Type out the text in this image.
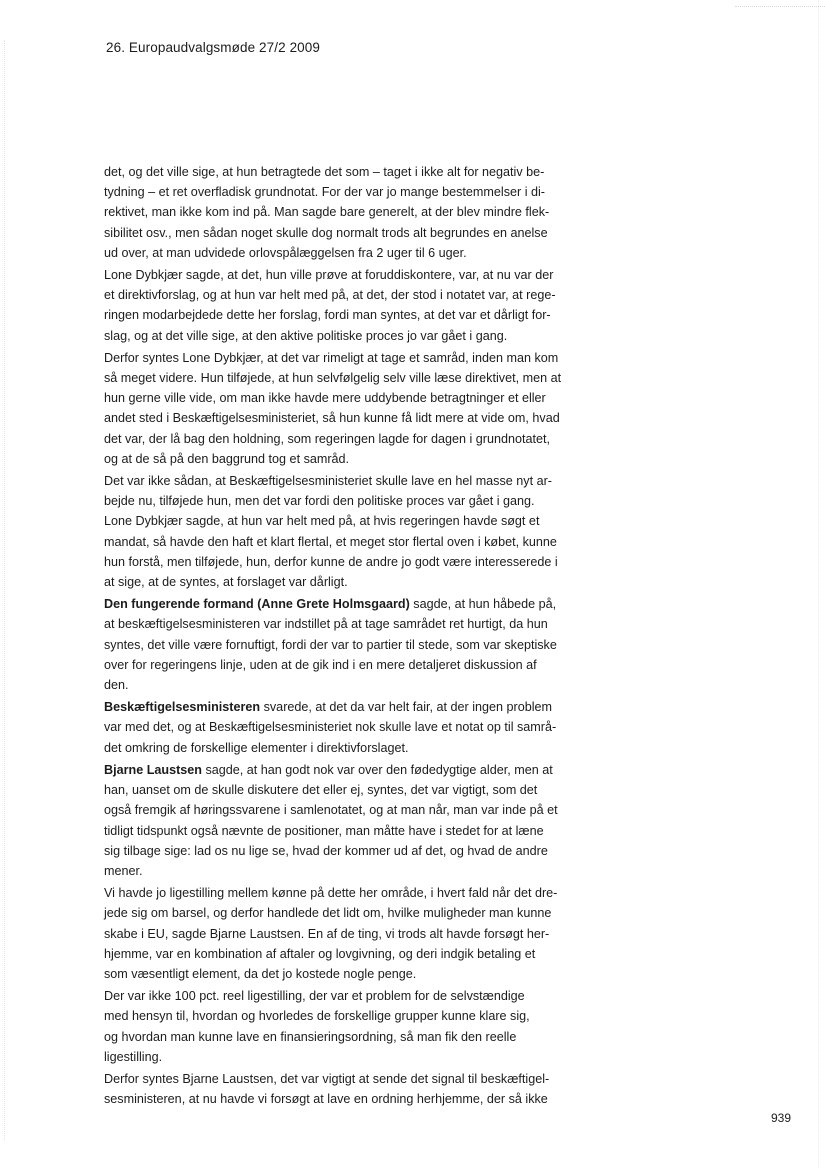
26. Europaudvalgsmøde 27/2 2009
det, og det ville sige, at hun betragtede det som – taget i ikke alt for negativ be-
tydning – et ret overfladisk grundnotat. For der var jo mange bestemmelser i di-
rektivet, man ikke kom ind på. Man sagde bare generelt, at der blev mindre flek-
sibilitet osv., men sådan noget skulle dog normalt trods alt begrundes en anelse
ud over, at man udvidede orlovspålæggelsen fra 2 uger til 6 uger.
Lone Dybkjær sagde, at det, hun ville prøve at foruddiskontere, var, at nu var der
et direktivforslag, og at hun var helt med på, at det, der stod i notatet var, at rege-
ringen modarbejdede dette her forslag, fordi man syntes, at det var et dårligt for-
slag, og at det ville sige, at den aktive politiske proces jo var gået i gang.
Derfor syntes Lone Dybkjær, at det var rimeligt at tage et samråd, inden man kom
så meget videre. Hun tilføjede, at hun selvfølgelig selv ville læse direktivet, men at
hun gerne ville vide, om man ikke havde mere uddybende betragtninger et eller
andet sted i Beskæftigelsesministeriet, så hun kunne få lidt mere at vide om, hvad
det var, der lå bag den holdning, som regeringen lagde for dagen i grundnotatet,
og at de så på den baggrund tog et samråd.
Det var ikke sådan, at Beskæftigelsesministeriet skulle lave en hel masse nyt ar-
bejde nu, tilføjede hun, men det var fordi den politiske proces var gået i gang.
Lone Dybkjær sagde, at hun var helt med på, at hvis regeringen havde søgt et
mandat, så havde den haft et klart flertal, et meget stor flertal oven i købet, kunne
hun forstå, men tilføjede, hun, derfor kunne de andre jo godt være interesserede i
at sige, at de syntes, at forslaget var dårligt.
Den fungerende formand (Anne Grete Holmsgaard) sagde, at hun håbede på,
at beskæftigelsesministeren var indstillet på at tage samrådet ret hurtigt, da hun
syntes, det ville være fornuftigt, fordi der var to partier til stede, som var skeptiske
over for regeringens linje, uden at de gik ind i en mere detaljeret diskussion af
den.
Beskæftigelsesministeren svarede, at det da var helt fair, at der ingen problem
var med det, og at Beskæftigelsesministeriet nok skulle lave et notat op til samrå-
det omkring de forskellige elementer i direktivforslaget.
Bjarne Laustsen sagde, at han godt nok var over den fødedygtige alder, men at
han, uanset om de skulle diskutere det eller ej, syntes, det var vigtigt, som det
også fremgik af høringssvarene i samlenotatet, og at man når, man var inde på et
tidligt tidspunkt også nævnte de positioner, man måtte have i stedet for at læne
sig tilbage sige: lad os nu lige se, hvad der kommer ud af det, og hvad de andre
mener.
Vi havde jo ligestilling mellem kønne på dette her område, i hvert fald når det dre-
jede sig om barsel, og derfor handlede det lidt om, hvilke muligheder man kunne
skabe i EU, sagde Bjarne Laustsen. En af de ting, vi trods alt havde forsøgt her-
hjemme, var en kombination af aftaler og lovgivning, og deri indgik betaling et
som væsentligt element, da det jo kostede nogle penge.
Der var ikke 100 pct. reel ligestilling, der var et problem for de selvstændige
med hensyn til, hvordan og hvorledes de forskellige grupper kunne klare sig,
og hvordan man kunne lave en finansieringsordning, så man fik den reelle
ligestilling.
Derfor syntes Bjarne Laustsen, det var vigtigt at sende det signal til beskæftigel-
sesministeren, at nu havde vi forsøgt at lave en ordning herhjemme, der så ikke
939
